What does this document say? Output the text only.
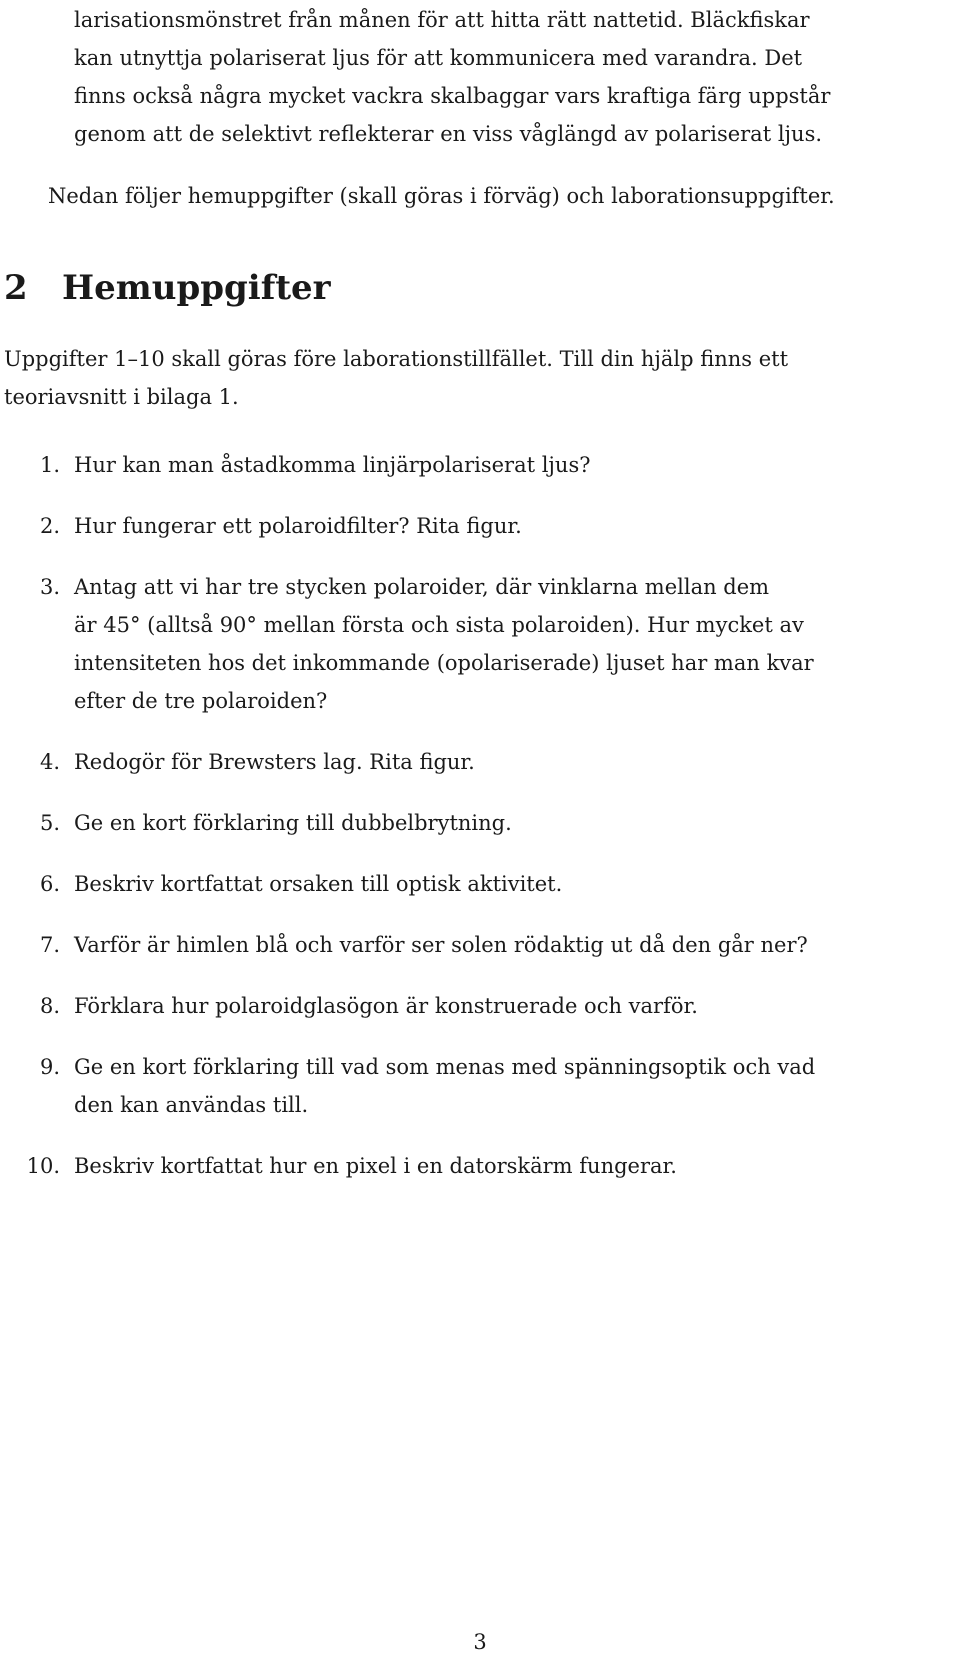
larisationsmönstret från månen för att hitta rätt nattetid. Bläckfiskar
kan utnyttja polariserat ljus för att kommunicera med varandra. Det
finns också några mycket vackra skalbaggar vars kraftiga färg uppstår
genom att de selektivt reflekterar en viss våglängd av polariserat ljus.
Nedan följer hemuppgifter (skall göras i förväg) och laborationsuppgifter.
2 Hemuppgifter
Uppgifter 1–10 skall göras före laborationstillfället. Till din hjälp finns ett
teoriavsnitt i bilaga 1.
1. Hur kan man åstadkomma linjärpolariserat ljus?
2. Hur fungerar ett polaroidfilter? Rita figur.
3. Antag att vi har tre stycken polaroider, där vinklarna mellan dem
är 45° (alltså 90° mellan första och sista polaroiden). Hur mycket av
intensiteten hos det inkommande (opolariserade) ljuset har man kvar
efter de tre polaroiden?
4. Redogör för Brewsters lag. Rita figur.
5. Ge en kort förklaring till dubbelbrytning.
6. Beskriv kortfattat orsaken till optisk aktivitet.
7. Varför är himlen blå och varför ser solen rödaktig ut då den går ner?
8. Förklara hur polaroidglasögon är konstruerade och varför.
9. Ge en kort förklaring till vad som menas med spänningsoptik och vad
den kan användas till.
10. Beskriv kortfattat hur en pixel i en datorskärm fungerar.
3
